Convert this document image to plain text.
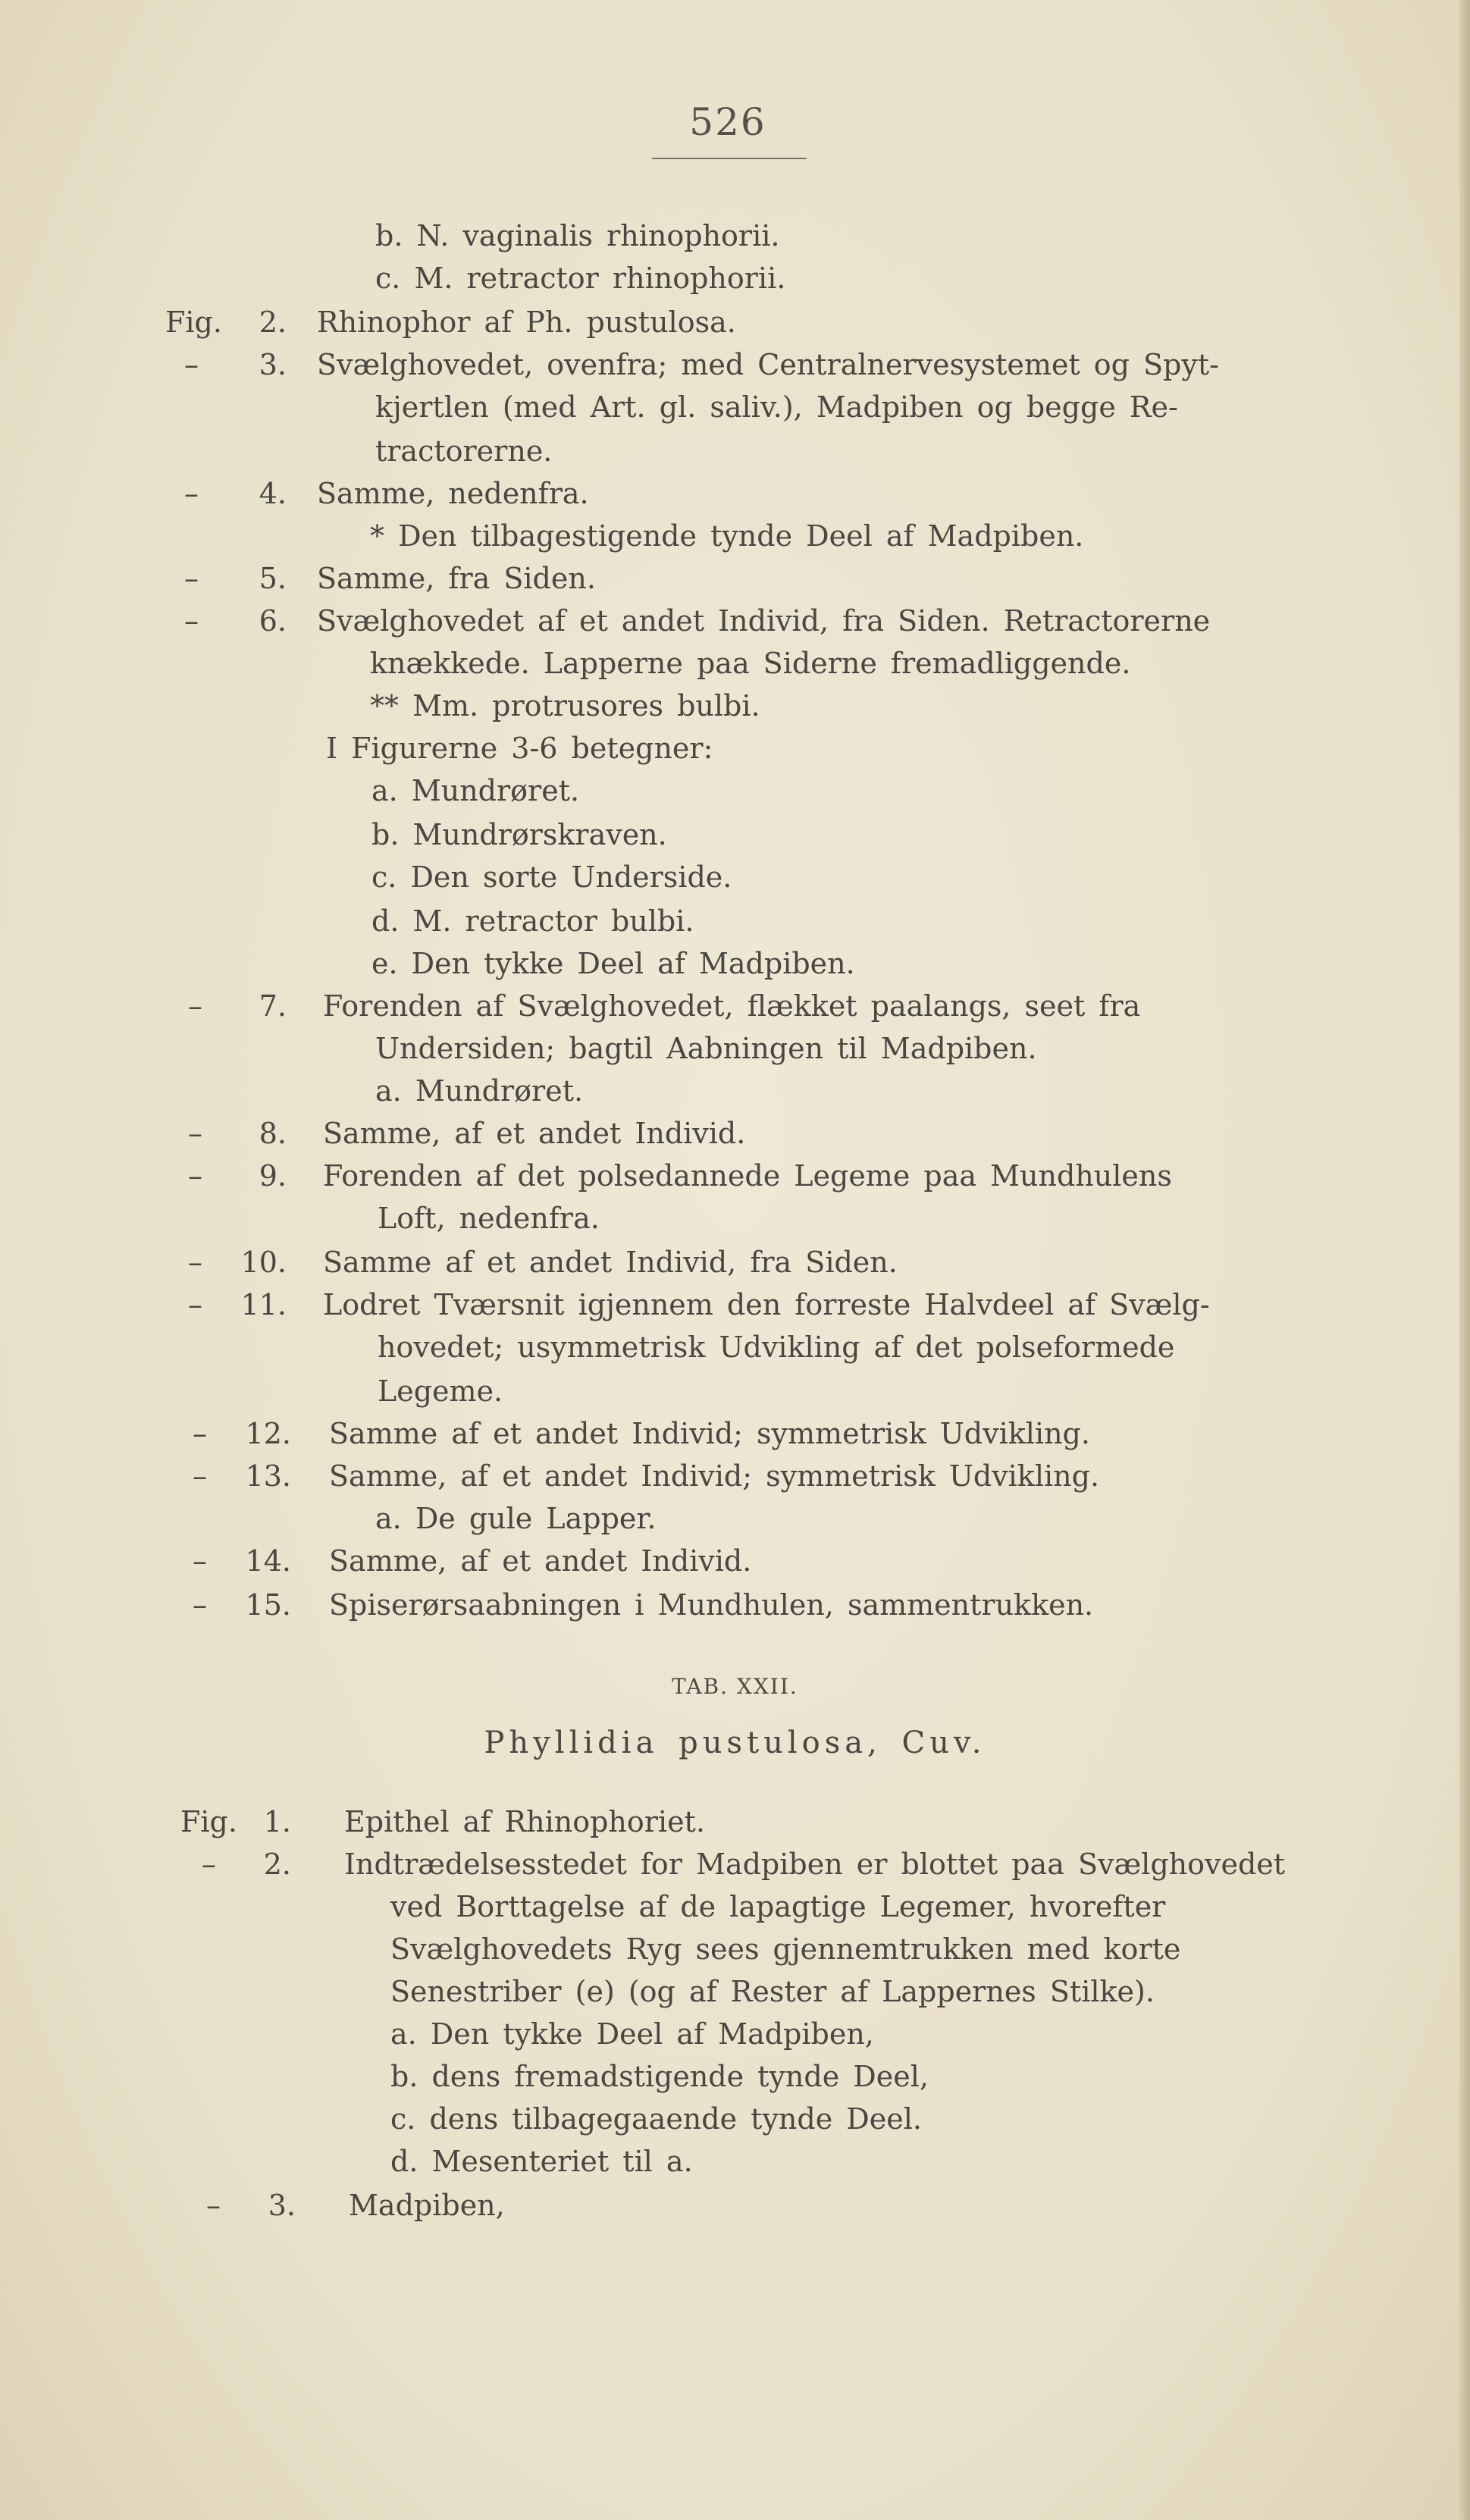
526
b. N. vaginalis rhinophorii.
c. M. retractor rhinophorii.
Fig. 2. Rhinophor af Ph. pustulosa.
– 3. Svælghovedet, ovenfra; med Centralnervesystemet og Spyt-
kjertlen (med Art. gl. saliv.), Madpiben og begge Re-
tractorerne.
– 4. Samme, nedenfra.
* Den tilbagestigende tynde Deel af Madpiben.
– 5. Samme, fra Siden.
– 6. Svælghovedet af et andet Individ, fra Siden. Retractorerne
knækkede. Lapperne paa Siderne fremadliggende.
** Mm. protrusores bulbi.
I Figurerne 3-6 betegner:
a. Mundrøret.
b. Mundrørskraven.
c. Den sorte Underside.
d. M. retractor bulbi.
e. Den tykke Deel af Madpiben.
– 7. Forenden af Svælghovedet, flækket paalangs, seet fra
Undersiden; bagtil Aabningen til Madpiben.
a. Mundrøret.
– 8. Samme, af et andet Individ.
– 9. Forenden af det polsedannede Legeme paa Mundhulens
Loft, nedenfra.
– 10. Samme af et andet Individ, fra Siden.
– 11. Lodret Tværsnit igjennem den forreste Halvdeel af Svælg-
hovedet; usymmetrisk Udvikling af det polseformede
Legeme.
– 12. Samme af et andet Individ; symmetrisk Udvikling.
– 13. Samme, af et andet Individ; symmetrisk Udvikling.
a. De gule Lapper.
– 14. Samme, af et andet Individ.
– 15. Spiserørsaabningen i Mundhulen, sammentrukken.
TAB. XXII.
Phyllidia pustulosa, Cuv.
Fig. 1. Epithel af Rhinophoriet.
– 2. Indtrædelsesstedet for Madpiben er blottet paa Svælghovedet
ved Borttagelse af de lapagtige Legemer, hvorefter
Svælghovedets Ryg sees gjennemtrukken med korte
Senestriber (e) (og af Rester af Lappernes Stilke).
a. Den tykke Deel af Madpiben,
b. dens fremadstigende tynde Deel,
c. dens tilbagegaaende tynde Deel.
d. Mesenteriet til a.
– 3. Madpiben,
